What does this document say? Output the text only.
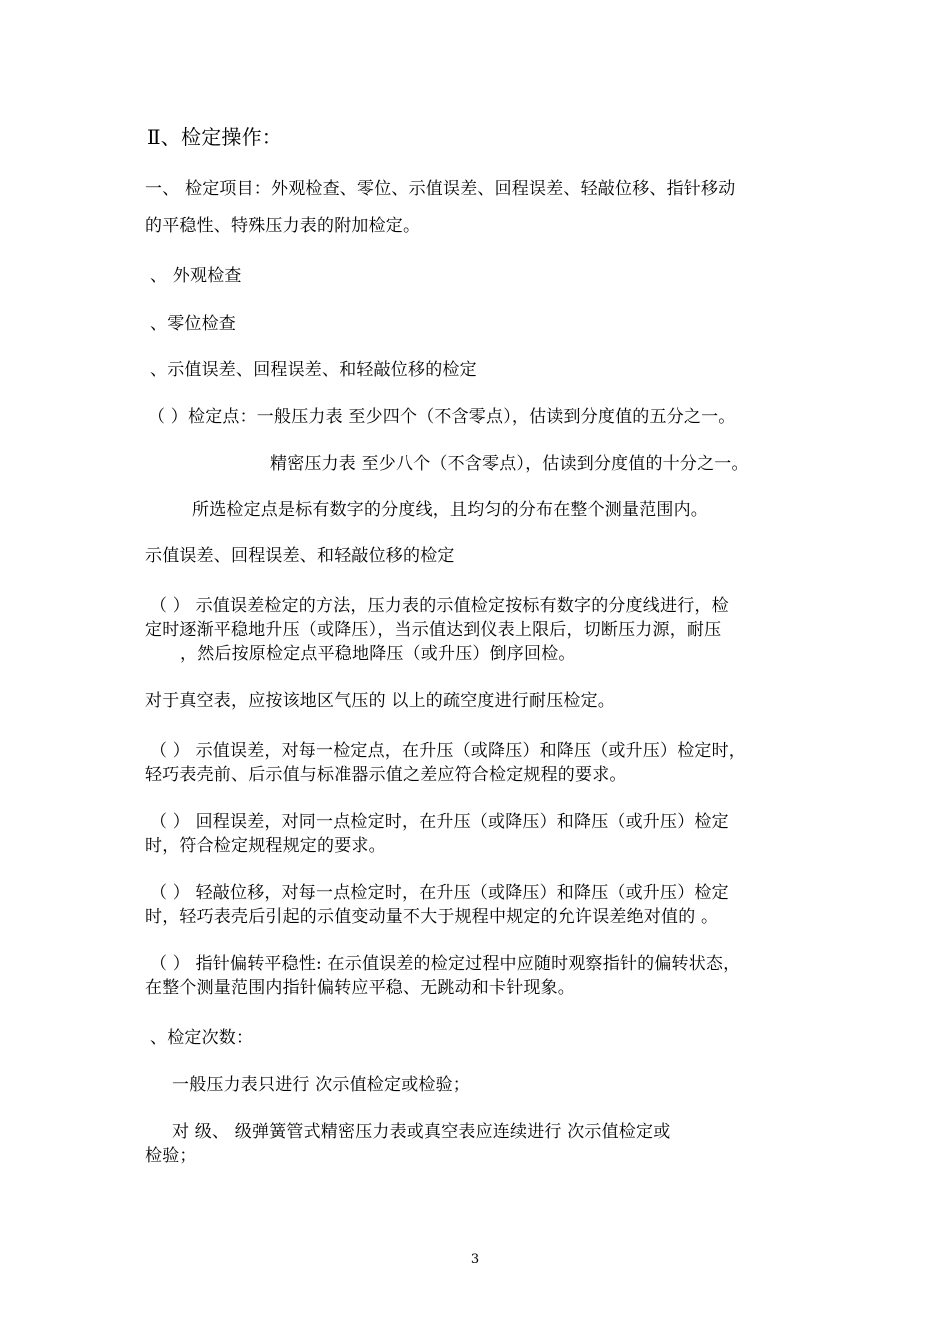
Ⅱ、检定操作：
一、 检定项目：外观检查、零位、示值误差、回程误差、轻敲位移、指针移动
的平稳性、特殊压力表的附加检定。
、 外观检查
、零位检查
、示值误差、回程误差、和轻敲位移的检定
（ ）检定点：一般压力表 至少四个（不含零点），估读到分度值的五分之一。
精密压力表 至少八个（不含零点），估读到分度值的十分之一。
所选检定点是标有数字的分度线，且均匀的分布在整个测量范围内。
示值误差、回程误差、和轻敲位移的检定
（ ） 示值误差检定的方法，压力表的示值检定按标有数字的分度线进行，检
定时逐渐平稳地升压（或降压），当示值达到仪表上限后，切断压力源，耐压
，然后按原检定点平稳地降压（或升压）倒序回检。
对于真空表，应按该地区气压的 以上的疏空度进行耐压检定。
（ ） 示值误差，对每一检定点，在升压（或降压）和降压（或升压）检定时，
轻巧表壳前、后示值与标准器示值之差应符合检定规程的要求。
（ ） 回程误差，对同一点检定时，在升压（或降压）和降压（或升压）检定
时，符合检定规程规定的要求。
（ ） 轻敲位移，对每一点检定时，在升压（或降压）和降压（或升压）检定
时，轻巧表壳后引起的示值变动量不大于规程中规定的允许误差绝对值的 。
（ ） 指针偏转平稳性: 在示值误差的检定过程中应随时观察指针的偏转状态，
在整个测量范围内指针偏转应平稳、无跳动和卡针现象。
、检定次数：
一般压力表只进行 次示值检定或检验；
对 级、 级弹簧管式精密压力表或真空表应连续进行 次示值检定或
检验；
3
